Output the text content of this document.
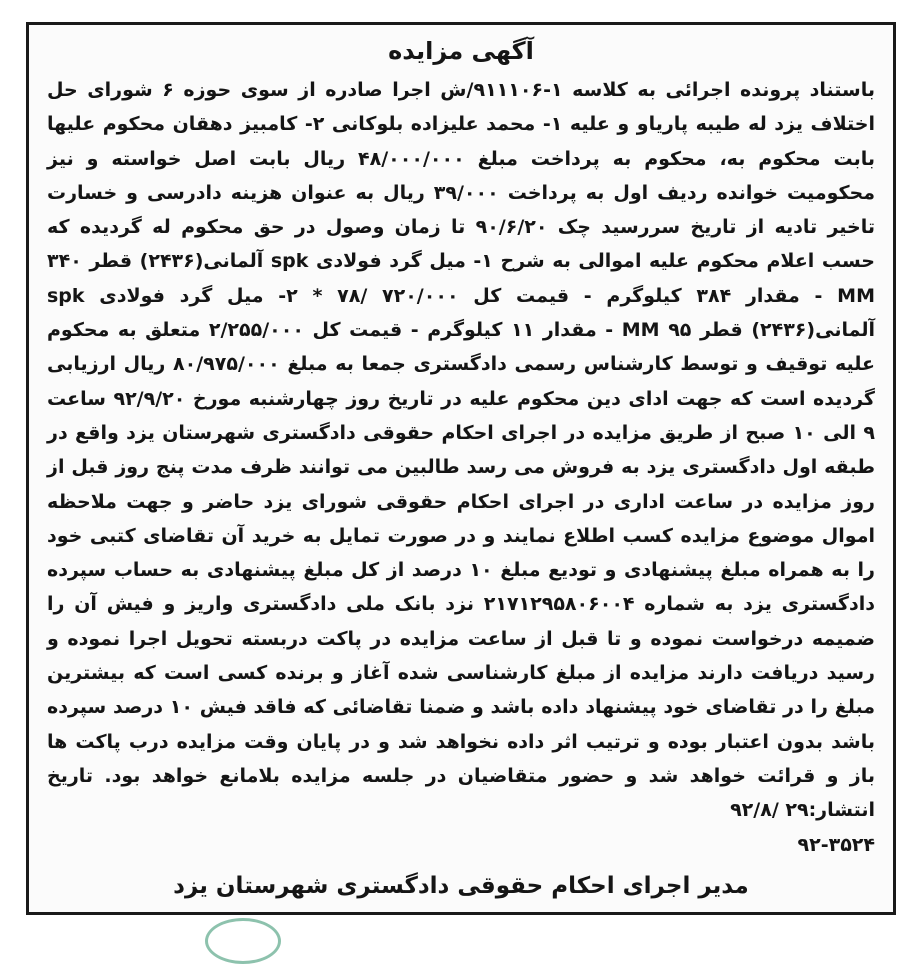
آگهی مزایده

باستناد پرونده اجرائی به کلاسه ۱-۹۱۱۱۰۶/ش اجرا صادره از سوی حوزه ۶ شورای حل اختلاف یزد له طیبه پاریاو و علیه ۱- محمد علیزاده بلوکانی ۲- کامبیز دهقان محکوم علیها بابت محکوم به، محکوم به پرداخت مبلغ ۴۸/۰۰۰/۰۰۰ ریال بابت اصل خواسته و نیز محکومیت خوانده ردیف اول به پرداخت ۳۹/۰۰۰ ریال به عنوان هزینه دادرسی و خسارت تاخیر تادیه از تاریخ سررسید چک ۹۰/۶/۲۰ تا زمان وصول در حق محکوم له گردیده که حسب اعلام محکوم علیه اموالی به شرح ۱- میل گرد فولادی spk آلمانی(۲۴۳۶) قطر ۳۴۰ MM - مقدار ۳۸۴ کیلوگرم - قیمت کل ۷۲۰/۰۰۰ /۷۸ * ۲- میل گرد فولادی spk آلمانی(۲۴۳۶) قطر ۹۵ MM - مقدار ۱۱ کیلوگرم - قیمت کل ۲/۲۵۵/۰۰۰ متعلق به محکوم علیه توقیف و توسط کارشناس رسمی دادگستری جمعا به مبلغ ۸۰/۹۷۵/۰۰۰ ریال ارزیابی گردیده است که جهت ادای دین محکوم علیه در تاریخ روز چهارشنبه مورخ ۹۲/۹/۲۰ ساعت ۹ الی ۱۰ صبح از طریق مزایده در اجرای احکام حقوقی دادگستری شهرستان یزد واقع در طبقه اول دادگستری یزد به فروش می رسد طالبین می توانند ظرف مدت پنج روز قبل از روز مزایده در ساعت اداری در اجرای احکام حقوقی شورای یزد حاضر و جهت ملاحظه اموال موضوع مزایده کسب اطلاع نمایند و در صورت تمایل به خرید آن تقاضای کتبی خود را به همراه مبلغ پیشنهادی و تودیع مبلغ ۱۰ درصد از کل مبلغ پیشنهادی به حساب سپرده دادگستری یزد به شماره ۲۱۷۱۲۹۵۸۰۶۰۰۴ نزد بانک ملی دادگستری واریز و فیش آن را ضمیمه درخواست نموده و تا قبل از ساعت مزایده در پاکت دربسته تحویل اجرا نموده و رسید دریافت دارند مزایده از مبلغ کارشناسی شده آغاز و برنده کسی است که بیشترین مبلغ را در تقاضای خود پیشنهاد داده باشد و ضمنا تقاضائی که فاقد فیش ۱۰ درصد سپرده باشد بدون اعتبار بوده و ترتیب اثر داده نخواهد شد و در پایان وقت مزایده درب پاکت ها باز و قرائت خواهد شد و حضور متقاضیان در جلسه مزایده بلامانع خواهد بود. تاریخ انتشار:۲۹ /۹۲/۸

۹۲-۳۵۲۴

مدیر اجرای احکام حقوقی دادگستری شهرستان یزد
